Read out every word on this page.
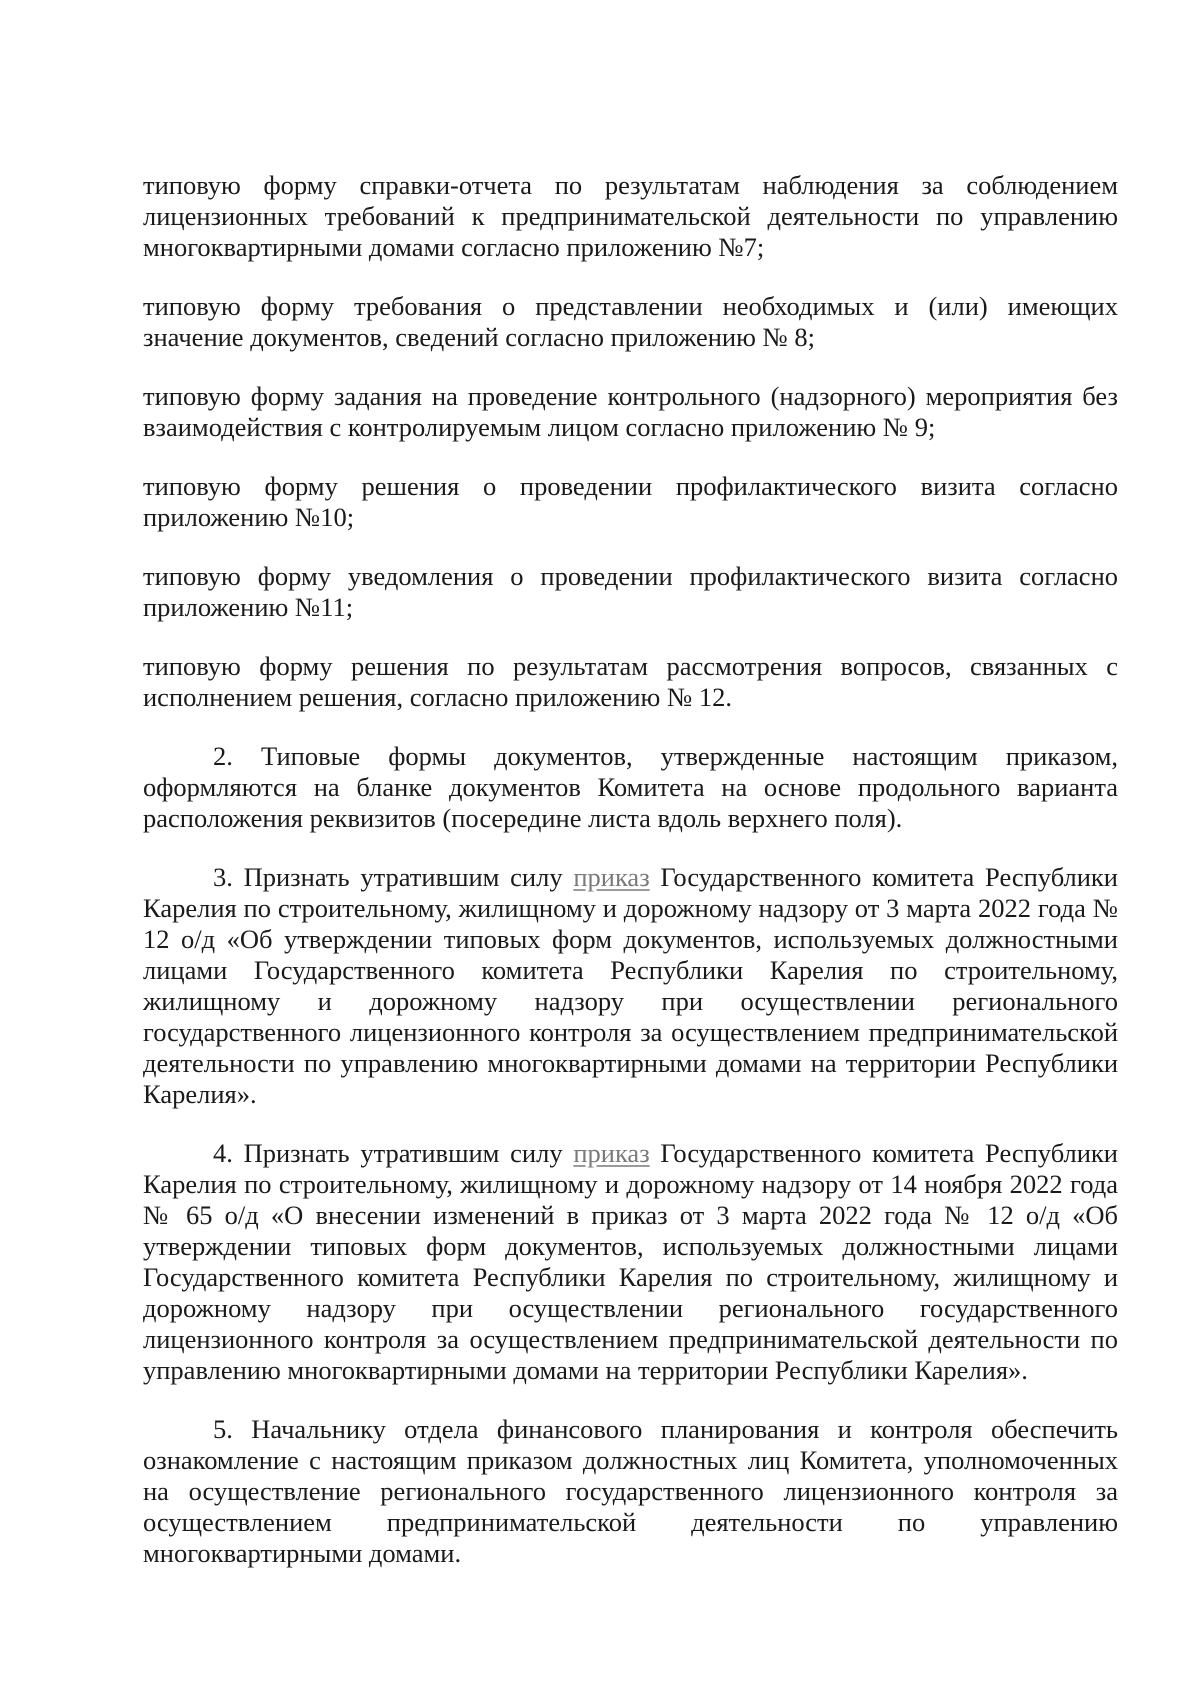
типовую форму справки-отчета по результатам наблюдения за соблюдением лицензионных требований к предпринимательской деятельности по управлению многоквартирными домами согласно приложению №7;

типовую форму требования о представлении необходимых и (или) имеющих значение документов, сведений согласно приложению № 8;

типовую форму задания на проведение контрольного (надзорного) мероприятия без взаимодействия с контролируемым лицом согласно приложению № 9;

типовую форму решения о проведении профилактического визита согласно приложению №10;

типовую форму уведомления о проведении профилактического визита согласно приложению №11;

типовую форму решения по результатам рассмотрения вопросов, связанных с исполнением решения, согласно приложению № 12.

2. Типовые формы документов, утвержденные настоящим приказом, оформляются на бланке документов Комитета на основе продольного варианта расположения реквизитов (посередине листа вдоль верхнего поля).

3. Признать утратившим силу приказ Государственного комитета Республики Карелия по строительному, жилищному и дорожному надзору от 3 марта 2022 года № 12 о/д «Об утверждении типовых форм документов, используемых должностными лицами Государственного комитета Республики Карелия по строительному, жилищному и дорожному надзору при осуществлении регионального государственного лицензионного контроля за осуществлением предпринимательской деятельности по управлению многоквартирными домами на территории Республики Карелия».

4. Признать утратившим силу приказ Государственного комитета Республики Карелия по строительному, жилищному и дорожному надзору от 14 ноября 2022 года № 65 о/д «О внесении изменений в приказ от 3 марта 2022 года № 12 о/д «Об утверждении типовых форм документов, используемых должностными лицами Государственного комитета Республики Карелия по строительному, жилищному и дорожному надзору при осуществлении регионального государственного лицензионного контроля за осуществлением предпринимательской деятельности по управлению многоквартирными домами на территории Республики Карелия».

5. Начальнику отдела финансового планирования и контроля обеспечить ознакомление с настоящим приказом должностных лиц Комитета, уполномоченных на осуществление регионального государственного лицензионного контроля за осуществлением предпринимательской деятельности по управлению многоквартирными домами.
